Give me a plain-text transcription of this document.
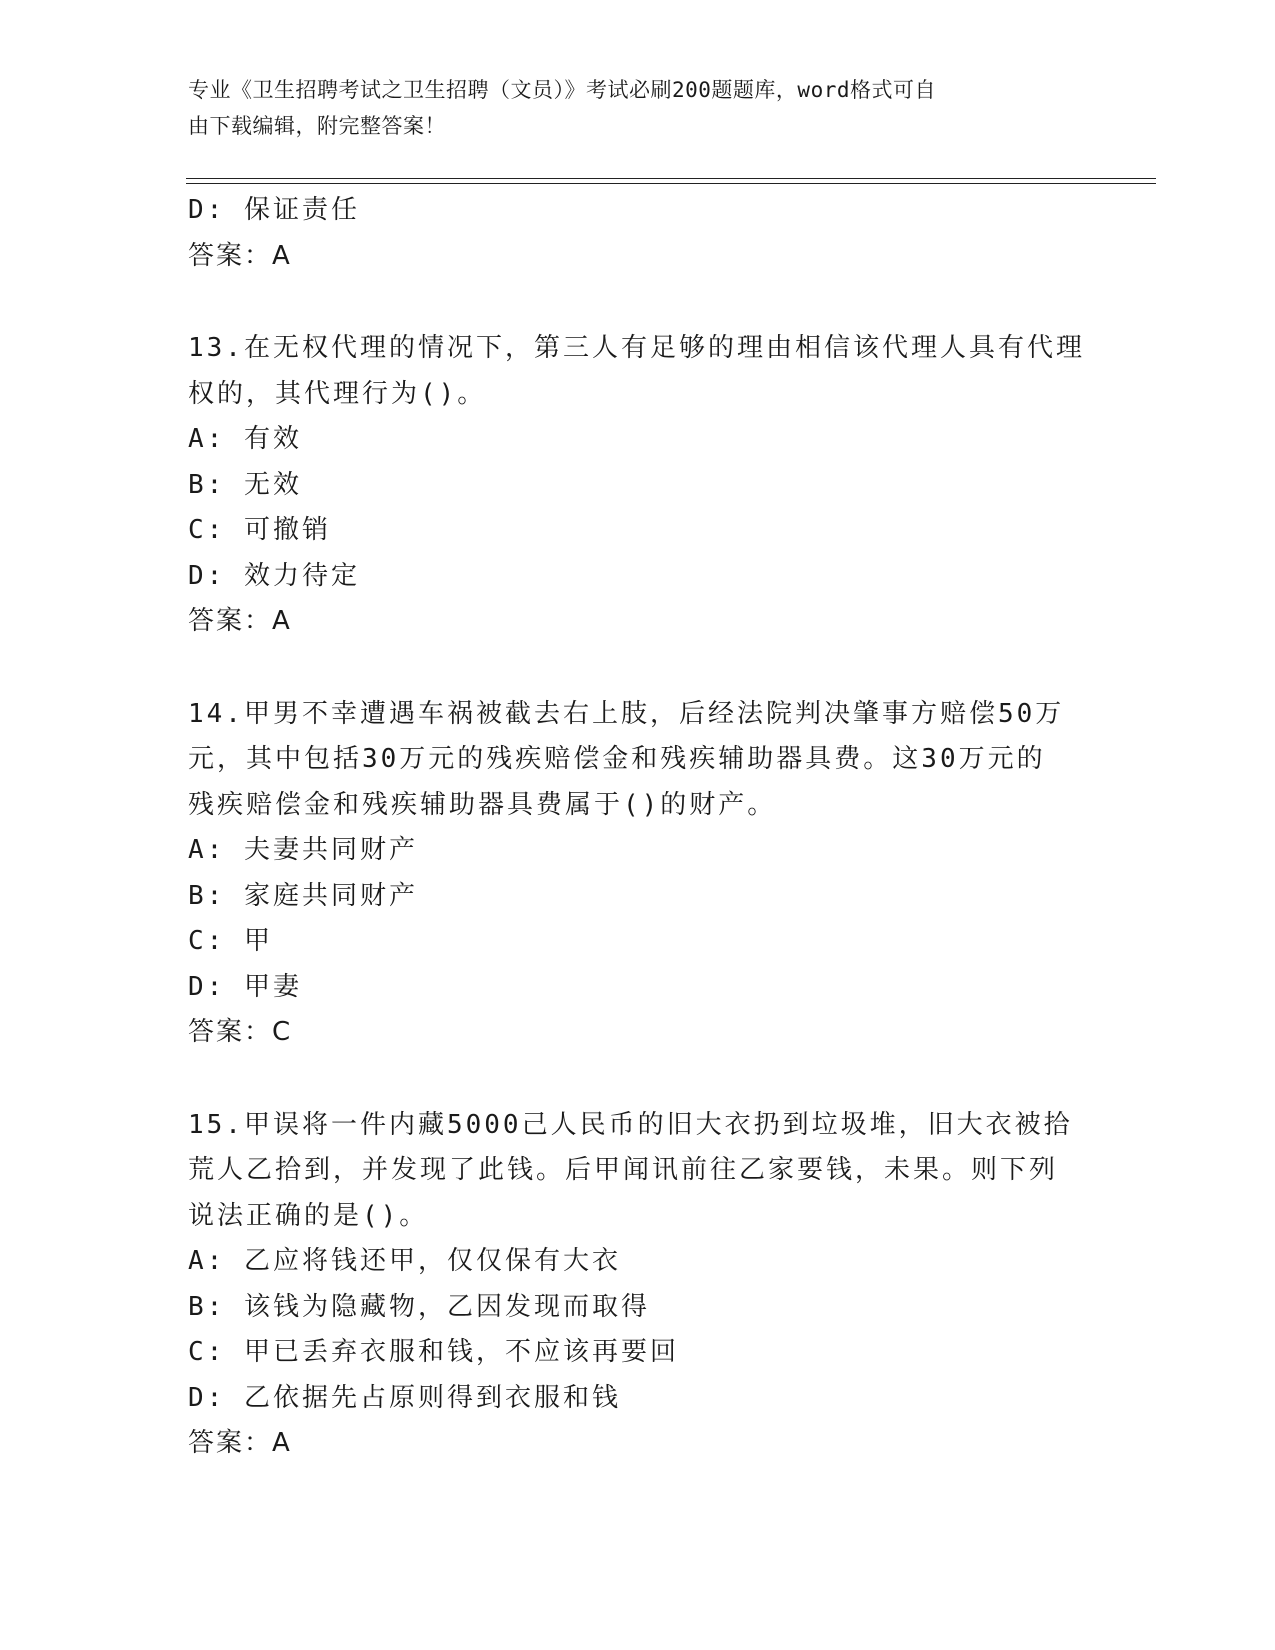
专业《卫生招聘考试之卫生招聘（文员）》考试必刷200题题库，word格式可自
由下载编辑，附完整答案！
D: 保证责任
答案：A
13.在无权代理的情况下，第三人有足够的理由相信该代理人具有代理
权的，其代理行为()。
A: 有效
B: 无效
C: 可撤销
D: 效力待定
答案：A
14.甲男不幸遭遇车祸被截去右上肢，后经法院判决肇事方赔偿50万
元，其中包括30万元的残疾赔偿金和残疾辅助器具费。这30万元的
残疾赔偿金和残疾辅助器具费属于()的财产。
A: 夫妻共同财产
B: 家庭共同财产
C: 甲
D: 甲妻
答案：C
15.甲误将一件内藏5000己人民币的旧大衣扔到垃圾堆，旧大衣被拾
荒人乙拾到，并发现了此钱。后甲闻讯前往乙家要钱，未果。则下列
说法正确的是()。
A: 乙应将钱还甲，仅仅保有大衣
B: 该钱为隐藏物，乙因发现而取得
C: 甲已丢弃衣服和钱，不应该再要回
D: 乙依据先占原则得到衣服和钱
答案：A
